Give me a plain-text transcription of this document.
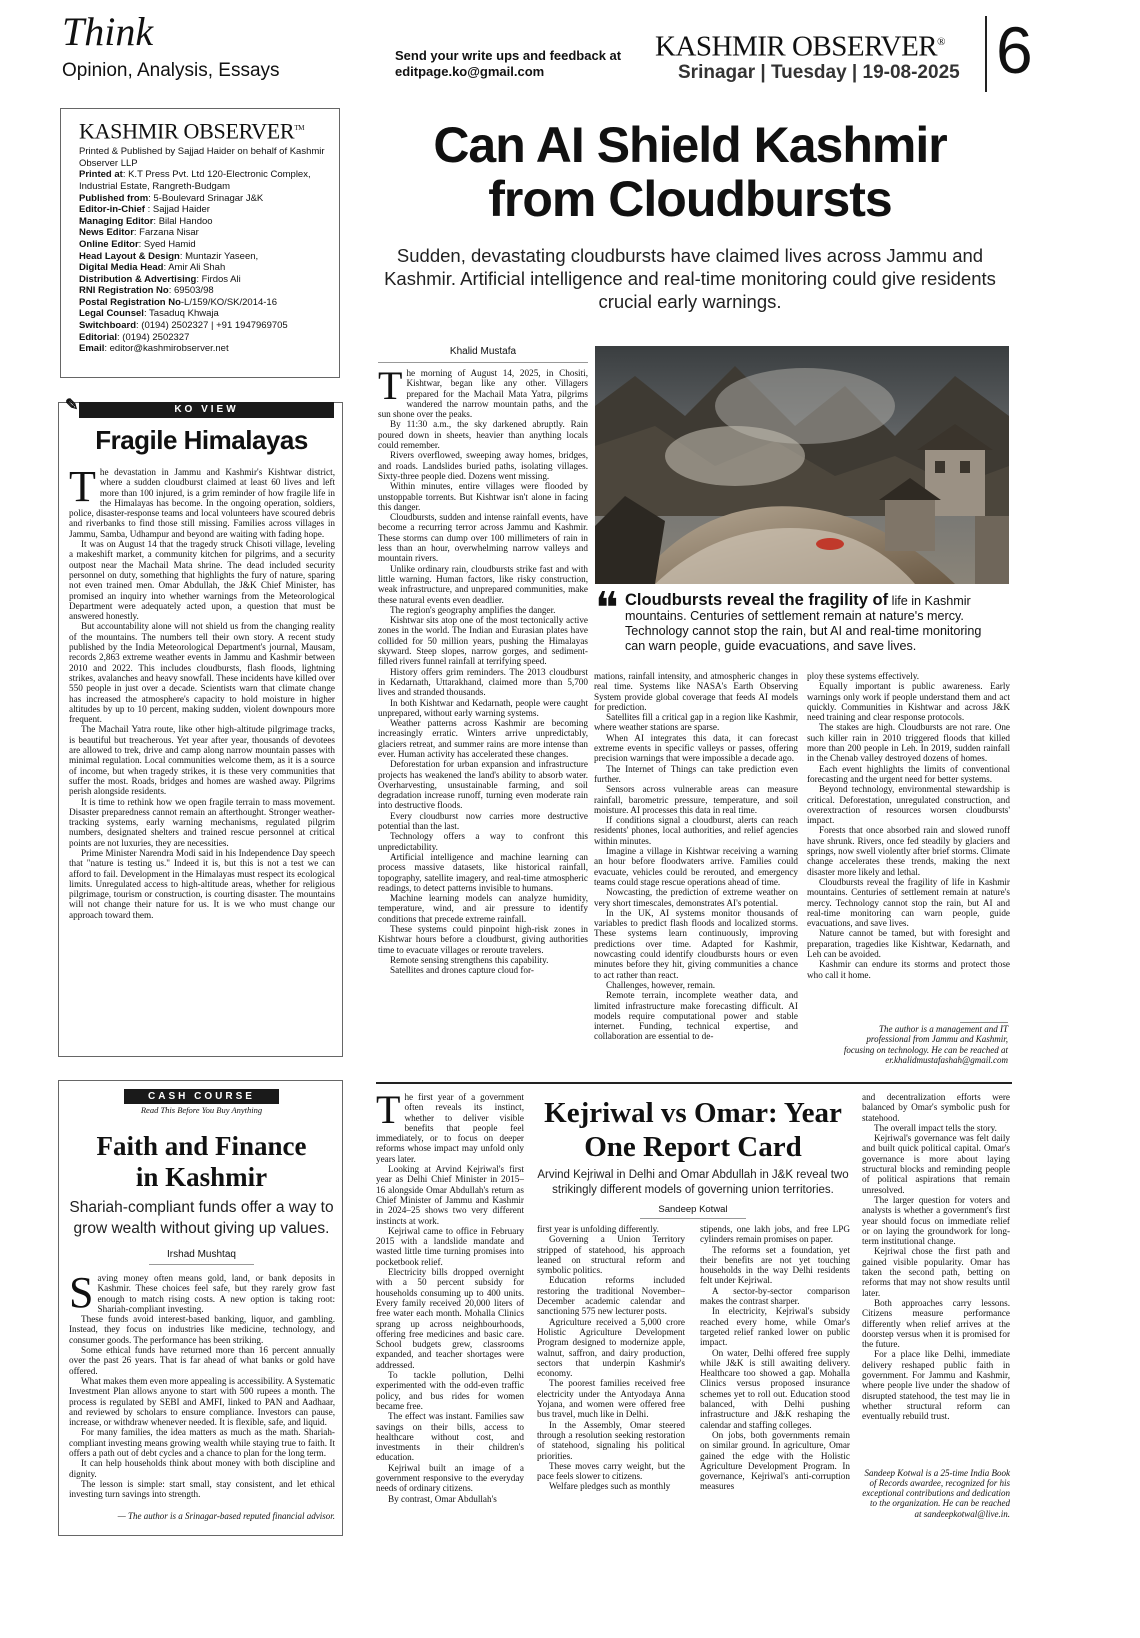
Think
Opinion, Analysis, Essays
Send your write ups and feedback at
editpage.ko@gmail.com
KASHMIR OBSERVER®
Srinagar | Tuesday | 19-08-2025 6
KASHMIR OBSERVER™
Printed & Published by Sajjad Haider on behalf of Kashmir Observer LLP
Printed at: K.T Press Pvt. Ltd 120-Electronic Complex, Industrial Estate, Rangreth-Budgam
Published from: 5-Boulevard Srinagar J&K
Editor-in-Chief : Sajjad Haider
Managing Editor: Bilal Handoo
News Editor: Farzana Nisar
Online Editor: Syed Hamid
Head Layout & Design: Muntazir Yaseen,
Digital Media Head: Amir Ali Shah
Distribution & Advertising: Firdos Ali
RNI Registration No: 69503/98
Postal Registration No-L/159/KO/SK/2014-16
Legal Counsel: Tasaduq Khwaja
Switchboard: (0194) 2502327 | +91 1947969705
Editorial: (0194) 2502327
Email: editor@kashmirobserver.net
✎	KO VIEW
Fragile Himalayas
T he devastation in Jammu and Kashmir's Kishtwar district, where a sudden cloudburst claimed at least 60 lives and left more than 100 injured, is a grim reminder of how fragile life in the Himalayas has become. In the ongoing operation, soldiers, police, disaster-response teams and local volunteers have scoured debris and riverbanks to find those still missing. Families across villages in Jammu, Samba, Udhampur and beyond are waiting with fading hope.

It was on August 14 that the tragedy struck Chisoti village, leveling a makeshift market, a community kitchen for pilgrims, and a security outpost near the Machail Mata shrine. The dead included security personnel on duty, something that highlights the fury of nature, sparing not even trained men. Omar Abdullah, the J&K Chief Minister, has promised an inquiry into whether warnings from the Meteorological Department were adequately acted upon, a question that must be answered honestly.

But accountability alone will not shield us from the changing reality of the mountains. The numbers tell their own story. A recent study published by the India Meteorological Department's journal, Mausam, records 2,863 extreme weather events in Jammu and Kashmir between 2010 and 2022. This includes cloudbursts, flash floods, lightning strikes, avalanches and heavy snowfall. These incidents have killed over 550 people in just over a decade. Scientists warn that climate change has increased the atmosphere's capacity to hold moisture in higher altitudes by up to 10 percent, making sudden, violent downpours more frequent.

The Machail Yatra route, like other high-altitude pilgrimage tracks, is beautiful but treacherous. Yet year after year, thousands of devotees are allowed to trek, drive and camp along narrow mountain passes with minimal regulation. Local communities welcome them, as it is a source of income, but when tragedy strikes, it is these very communities that suffer the most. Roads, bridges and homes are washed away. Pilgrims perish alongside residents.

It is time to rethink how we open fragile terrain to mass movement. Disaster preparedness cannot remain an afterthought. Stronger weather-tracking systems, early warning mechanisms, regulated pilgrim numbers, designated shelters and trained rescue personnel at critical points are not luxuries, they are necessities.

Prime Minister Narendra Modi said in his Independence Day speech that "nature is testing us." Indeed it is, but this is not a test we can afford to fail. Development in the Himalayas must respect its ecological limits. Unregulated access to high-altitude areas, whether for religious pilgrimage, tourism or construction, is courting disaster. The mountains will not change their nature for us. It is we who must change our approach toward them.

Can AI Shield Kashmir
from Cloudbursts
Sudden, devastating cloudbursts have claimed lives across Jammu and Kashmir. Artificial intelligence and real-time monitoring could give residents crucial early warnings.
Khalid Mustafa
T he morning of August 14, 2025, in Chositi, Kishtwar, began like any other. Villagers prepared for the Machail Mata Yatra, pilgrims wandered the narrow mountain paths, and the sun shone over the peaks.

By 11:30 a.m., the sky darkened abruptly. Rain poured down in sheets, heavier than anything locals could remember.

Rivers overflowed, sweeping away homes, bridges, and roads. Landslides buried paths, isolating villages. Sixty-three people died. Dozens went missing.

Within minutes, entire villages were flooded by unstoppable torrents. But Kishtwar isn't alone in facing this danger.

Cloudbursts, sudden and intense rainfall events, have become a recurring terror across Jammu and Kashmir. These storms can dump over 100 millimeters of rain in less than an hour, overwhelming narrow valleys and mountain rivers.

Unlike ordinary rain, cloudbursts strike fast and with little warning. Human factors, like risky construction, weak infrastructure, and unprepared communities, make these natural events even deadlier.

The region's geography amplifies the danger.

Kishtwar sits atop one of the most tectonically active zones in the world. The Indian and Eurasian plates have collided for 50 million years, pushing the Himalayas skyward. Steep slopes, narrow gorges, and sediment-filled rivers funnel rainfall at terrifying speed.

History offers grim reminders. The 2013 cloudburst in Kedarnath, Uttarakhand, claimed more than 5,700 lives and stranded thousands.

In both Kishtwar and Kedarnath, people were caught unprepared, without early warning systems.

Weather patterns across Kashmir are becoming increasingly erratic. Winters arrive unpredictably, glaciers retreat, and summer rains are more intense than ever. Human activity has accelerated these changes.

Deforestation for urban expansion and infrastructure projects has weakened the land's ability to absorb water. Overharvesting, unsustainable farming, and soil degradation increase runoff, turning even moderate rain into destructive floods.

Every cloudburst now carries more destructive potential than the last.

Technology offers a way to confront this unpredictability.

Artificial intelligence and machine learning can process massive datasets, like historical rainfall, topography, satellite imagery, and real-time atmospheric readings, to detect patterns invisible to humans.

Machine learning models can analyze humidity, temperature, wind, and air pressure to identify conditions that precede extreme rainfall.

These systems could pinpoint high-risk zones in Kishtwar hours before a cloudburst, giving authorities time to evacuate villages or reroute travelers.

Remote sensing strengthens this capability.

Satellites and drones capture cloud for-

❝ Cloudbursts reveal the fragility of life in Kashmir mountains. Centuries of settlement remain at nature's mercy. Technology cannot stop the rain, but AI and real-time monitoring can warn people, guide evacuations, and save lives.

mations, rainfall intensity, and atmospheric changes in real time. Systems like NASA's Earth Observing System provide global coverage that feeds AI models for prediction.

Satellites fill a critical gap in a region like Kashmir, where weather stations are sparse.

When AI integrates this data, it can forecast extreme events in specific valleys or passes, offering precision warnings that were impossible a decade ago.

The Internet of Things can take prediction even further.

Sensors across vulnerable areas can measure rainfall, barometric pressure, temperature, and soil moisture. AI processes this data in real time.

If conditions signal a cloudburst, alerts can reach residents' phones, local authorities, and relief agencies within minutes.

Imagine a village in Kishtwar receiving a warning an hour before floodwaters arrive. Families could evacuate, vehicles could be rerouted, and emergency teams could stage rescue operations ahead of time.

Nowcasting, the prediction of extreme weather on very short timescales, demonstrates AI's potential.

In the UK, AI systems monitor thousands of variables to predict flash floods and localized storms. These systems learn continuously, improving predictions over time. Adapted for Kashmir, nowcasting could identify cloudbursts hours or even minutes before they hit, giving communities a chance to act rather than react.

Challenges, however, remain.

Remote terrain, incomplete weather data, and limited infrastructure make forecasting difficult. AI models require computational power and stable internet. Funding, technical expertise, and collaboration are essential to de-

ploy these systems effectively.

Equally important is public awareness. Early warnings only work if people understand them and act quickly. Communities in Kishtwar and across J&K need training and clear response protocols.

The stakes are high. Cloudbursts are not rare. One such killer rain in 2010 triggered floods that killed more than 200 people in Leh. In 2019, sudden rainfall in the Chenab valley destroyed dozens of homes.

Each event highlights the limits of conventional forecasting and the urgent need for better systems.

Beyond technology, environmental stewardship is critical. Deforestation, unregulated construction, and overextraction of resources worsen cloudbursts' impact.

Forests that once absorbed rain and slowed runoff have shrunk. Rivers, once fed steadily by glaciers and springs, now swell violently after brief storms. Climate change accelerates these trends, making the next disaster more likely and lethal.

Cloudbursts reveal the fragility of life in Kashmir mountains. Centuries of settlement remain at nature's mercy. Technology cannot stop the rain, but AI and real-time monitoring can warn people, guide evacuations, and save lives.

Nature cannot be tamed, but with foresight and preparation, tragedies like Kishtwar, Kedarnath, and Leh can be avoided.

Kashmir can endure its storms and protect those who call it home.

The author is a management and IT professional from Jammu and Kashmir, focusing on technology. He can be reached at er.khalidmustafashah@gmail.com
CASH COURSE
Read This Before You Buy Anything
Faith and Finance
in Kashmir
Shariah-compliant funds offer a way to grow wealth without giving up values.
Irshad Mushtaq
S aving money often means gold, land, or bank deposits in Kashmir. These choices feel safe, but they rarely grow fast enough to match rising costs. A new option is taking root: Shariah-compliant investing.

These funds avoid interest-based banking, liquor, and gambling. Instead, they focus on industries like medicine, technology, and consumer goods. The performance has been striking.

Some ethical funds have returned more than 16 percent annually over the past 26 years. That is far ahead of what banks or gold have offered.

What makes them even more appealing is accessibility. A Systematic Investment Plan allows anyone to start with 500 rupees a month. The process is regulated by SEBI and AMFI, linked to PAN and Aadhaar, and reviewed by scholars to ensure compliance. Investors can pause, increase, or withdraw whenever needed. It is flexible, safe, and liquid.

For many families, the idea matters as much as the math. Shariah-compliant investing means growing wealth while staying true to faith. It offers a path out of debt cycles and a chance to plan for the long term.

It can help households think about money with both discipline and dignity.

The lesson is simple: start small, stay consistent, and let ethical investing turn savings into strength.

— The author is a Srinagar-based reputed financial advisor.
T he first year of a government often reveals its instinct, whether to deliver visible benefits that people feel immediately, or to focus on deeper reforms whose impact may unfold only years later.

Looking at Arvind Kejriwal's first year as Delhi Chief Minister in 2015–16 alongside Omar Abdullah's return as Chief Minister of Jammu and Kashmir in 2024–25 shows two very different instincts at work.

Kejriwal came to office in February 2015 with a landslide mandate and wasted little time turning promises into pocketbook relief.

Electricity bills dropped overnight with a 50 percent subsidy for households consuming up to 400 units. Every family received 20,000 liters of free water each month. Mohalla Clinics sprang up across neighbourhoods, offering free medicines and basic care. School budgets grew, classrooms expanded, and teacher shortages were addressed.

To tackle pollution, Delhi experimented with the odd-even traffic policy, and bus rides for women became free.

The effect was instant. Families saw savings on their bills, access to healthcare without cost, and investments in their children's education.

Kejriwal built an image of a government responsive to the everyday needs of ordinary citizens.

By contrast, Omar Abdullah's

Kejriwal vs Omar: Year
One Report Card
Arvind Kejriwal in Delhi and Omar Abdullah in J&K reveal two strikingly different models of governing union territories.
Sandeep Kotwal

first year is unfolding differently.

Governing a Union Territory stripped of statehood, his approach leaned on structural reform and symbolic politics.

Education reforms included restoring the traditional November–December academic calendar and sanctioning 575 new lecturer posts.

Agriculture received a 5,000 crore Holistic Agriculture Development Program designed to modernize apple, walnut, saffron, and dairy production, sectors that underpin Kashmir's economy.

The poorest families received free electricity under the Antyodaya Anna Yojana, and women were offered free bus travel, much like in Delhi.

In the Assembly, Omar steered through a resolution seeking restoration of statehood, signaling his political priorities.

These moves carry weight, but the pace feels slower to citizens.

Welfare pledges such as monthly

stipends, one lakh jobs, and free LPG cylinders remain promises on paper.

The reforms set a foundation, yet their benefits are not yet touching households in the way Delhi residents felt under Kejriwal.

A sector-by-sector comparison makes the contrast sharper.

In electricity, Kejriwal's subsidy reached every home, while Omar's targeted relief ranked lower on public impact.

On water, Delhi offered free supply while J&K is still awaiting delivery. Healthcare too showed a gap. Mohalla Clinics versus proposed insurance schemes yet to roll out. Education stood balanced, with Delhi pushing infrastructure and J&K reshaping the calendar and staffing colleges.

On jobs, both governments remain on similar ground. In agriculture, Omar gained the edge with the Holistic Agriculture Development Program. In governance, Kejriwal's anti-corruption measures

and decentralization efforts were balanced by Omar's symbolic push for statehood.

The overall impact tells the story.

Kejriwal's governance was felt daily and built quick political capital. Omar's governance is more about laying structural blocks and reminding people of political aspirations that remain unresolved.

The larger question for voters and analysts is whether a government's first year should focus on immediate relief or on laying the groundwork for long-term institutional change.

Kejriwal chose the first path and gained visible popularity. Omar has taken the second path, betting on reforms that may not show results until later.

Both approaches carry lessons. Citizens measure performance differently when relief arrives at the doorstep versus when it is promised for the future.

For a place like Delhi, immediate delivery reshaped public faith in government. For Jammu and Kashmir, where people live under the shadow of disrupted statehood, the test may lie in whether structural reform can eventually rebuild trust.

Sandeep Kotwal is a 25-time India Book of Records awardee, recognized for his exceptional contributions and dedication to the organization. He can be reached at sandeepkotwal@live.in.
